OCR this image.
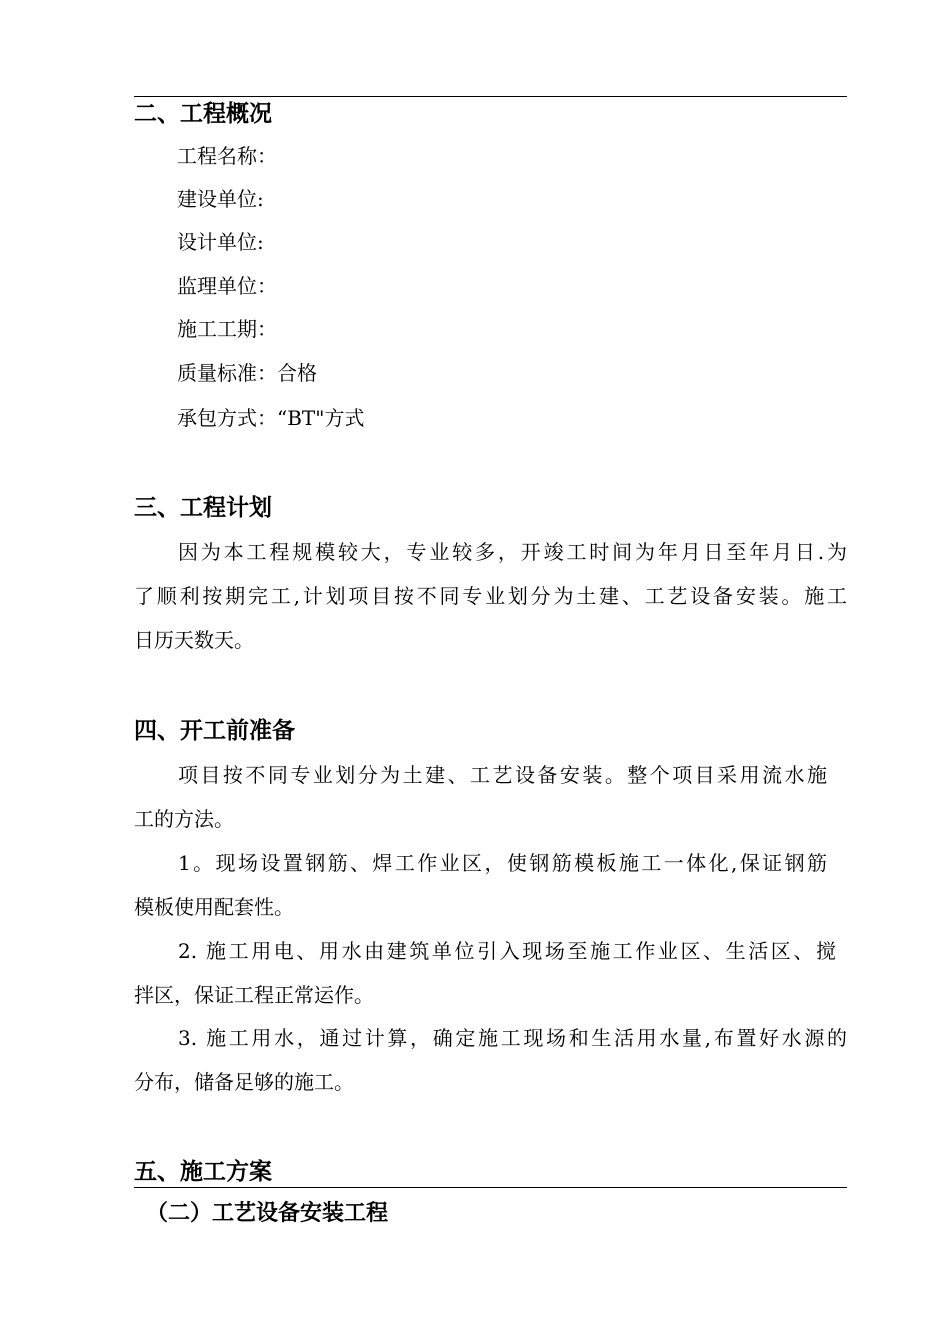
二、工程概况
工程名称：
建设单位:
设计单位:
监理单位：
施工工期：
质量标准：合格
承包方式：“BT"方式
三、工程计划
因为本工程规模较大，专业较多，开竣工时间为年月日至年月日.为
了顺利按期完工,计划项目按不同专业划分为土建、工艺设备安装。施工
日历天数天。
四、开工前准备
项目按不同专业划分为土建、工艺设备安装。整个项目采用流水施
工的方法。
1。现场设置钢筋、焊工作业区，使钢筋模板施工一体化,保证钢筋
模板使用配套性。
2. 施工用电、用水由建筑单位引入现场至施工作业区、生活区、搅
拌区，保证工程正常运作。
3. 施工用水，通过计算，确定施工现场和生活用水量,布置好水源的
分布，储备足够的施工。
五、施工方案
（二）工艺设备安装工程
